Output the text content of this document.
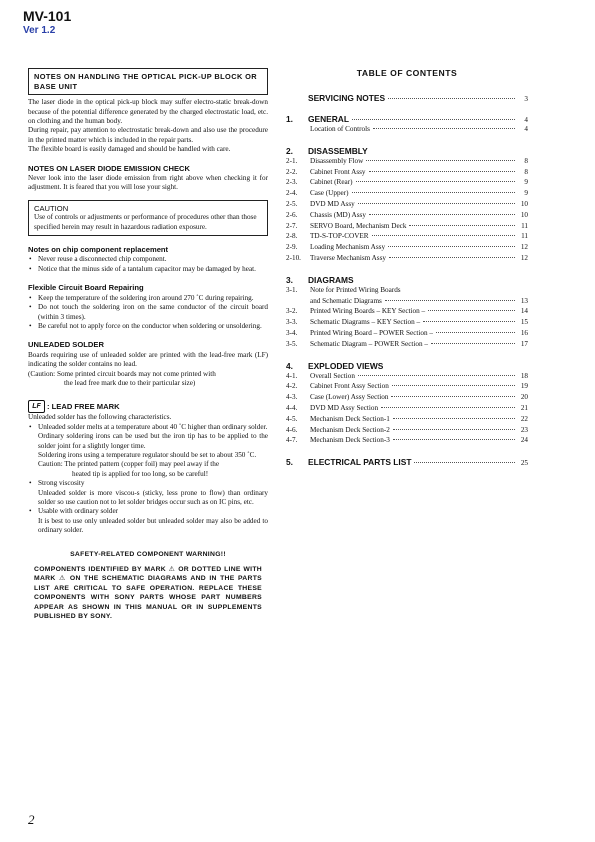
MV-101
Ver 1.2
NOTES ON HANDLING THE OPTICAL PICK-UP BLOCK OR BASE UNIT

The laser diode in the optical pick-up block may suffer electro-static break-down because of the potential difference generated by the charged electrostatic load, etc. on clothing and the human body.

During repair, pay attention to electrostatic break-down and also use the procedure in the printed matter which is included in the repair parts.

The flexible board is easily damaged and should be handled with care.

NOTES ON LASER DIODE EMISSION CHECK

Never look into the laser diode emission from right above when checking it for adjustment. It is feared that you will lose your sight.

CAUTION
Use of controls or adjustments or performance of procedures other than those specified herein may result in hazardous radiation exposure.
Notes on chip component replacement

• Never reuse a disconnected chip component.

• Notice that the minus side of a tantalum capacitor may be damaged by heat.

Flexible Circuit Board Repairing

• Keep the temperature of the soldering iron around 270 ˚C during repairing.

• Do not touch the soldering iron on the same conductor of the circuit board (within 3 times).

• Be careful not to apply force on the conductor when soldering or unsoldering.

UNLEADED SOLDER

Boards requiring use of unleaded solder are printed with the lead-free mark (LF) indicating the solder contains no lead.

(Caution: Some printed circuit boards may not come printed with

the lead free mark due to their particular size)

LF : LEAD FREE MARK

Unleaded solder has the following characteristics.

• Unleaded solder melts at a temperature about 40 ˚C higher than ordinary solder.

Ordinary soldering irons can be used but the iron tip has to be applied to the solder joint for a slightly longer time.

Soldering irons using a temperature regulator should be set to about 350 ˚C.

Caution: The printed pattern (copper foil) may peel away if the

heated tip is applied for too long, so be careful!

• Strong viscosity

Unleaded solder is more viscou-s (sticky, less prone to flow) than ordinary solder so use caution not to let solder bridges occur such as on IC pins, etc.

• Usable with ordinary solder

It is best to use only unleaded solder but unleaded solder may also be added to ordinary solder.

SAFETY-RELATED COMPONENT WARNING!!
COMPONENTS IDENTIFIED BY MARK ⚠ OR DOTTED LINE WITH MARK ⚠ ON THE SCHEMATIC DIAGRAMS AND IN THE PARTS LIST ARE CRITICAL TO SAFE OPERATION. REPLACE THESE COMPONENTS WITH SONY PARTS WHOSE PART NUMBERS APPEAR AS SHOWN IN THIS MANUAL OR IN SUPPLEMENTS PUBLISHED BY SONY.
TABLE OF CONTENTS
SERVICING NOTES	3
1.	GENERAL	4
Location of Controls	4
2.	DISASSEMBLY
2-1.	Disassembly Flow	8
2-2.	Cabinet Front Assy	8
2-3.	Cabinet (Rear)	9
2-4.	Case (Upper)	9
2-5.	DVD MD Assy	10
2-6.	Chassis (MD) Assy	10
2-7.	SERVO Board, Mechanism Deck	11
2-8.	TD-S-TOP-COVER	11
2-9.	Loading Mechanism Assy	12
2-10.	Traverse Mechanism Assy	12
3.	DIAGRAMS
3-1.	Note for Printed Wiring Boards
and Schematic Diagrams	13
3-2.	Printed Wiring Boards – KEY Section –	14
3-3.	Schematic Diagrams – KEY Section –	15
3-4.	Printed Wiring Board – POWER Section –	16
3-5.	Schematic Diagram – POWER Section –	17
4.	EXPLODED VIEWS
4-1.	Overall Section	18
4-2.	Cabinet Front Assy Section	19
4-3.	Case (Lower) Assy Section	20
4-4.	DVD MD Assy Section	21
4-5.	Mechanism Deck Section-1	22
4-6.	Mechanism Deck Section-2	23
4-7.	Mechanism Deck Section-3	24
5.	ELECTRICAL PARTS LIST	25
2
